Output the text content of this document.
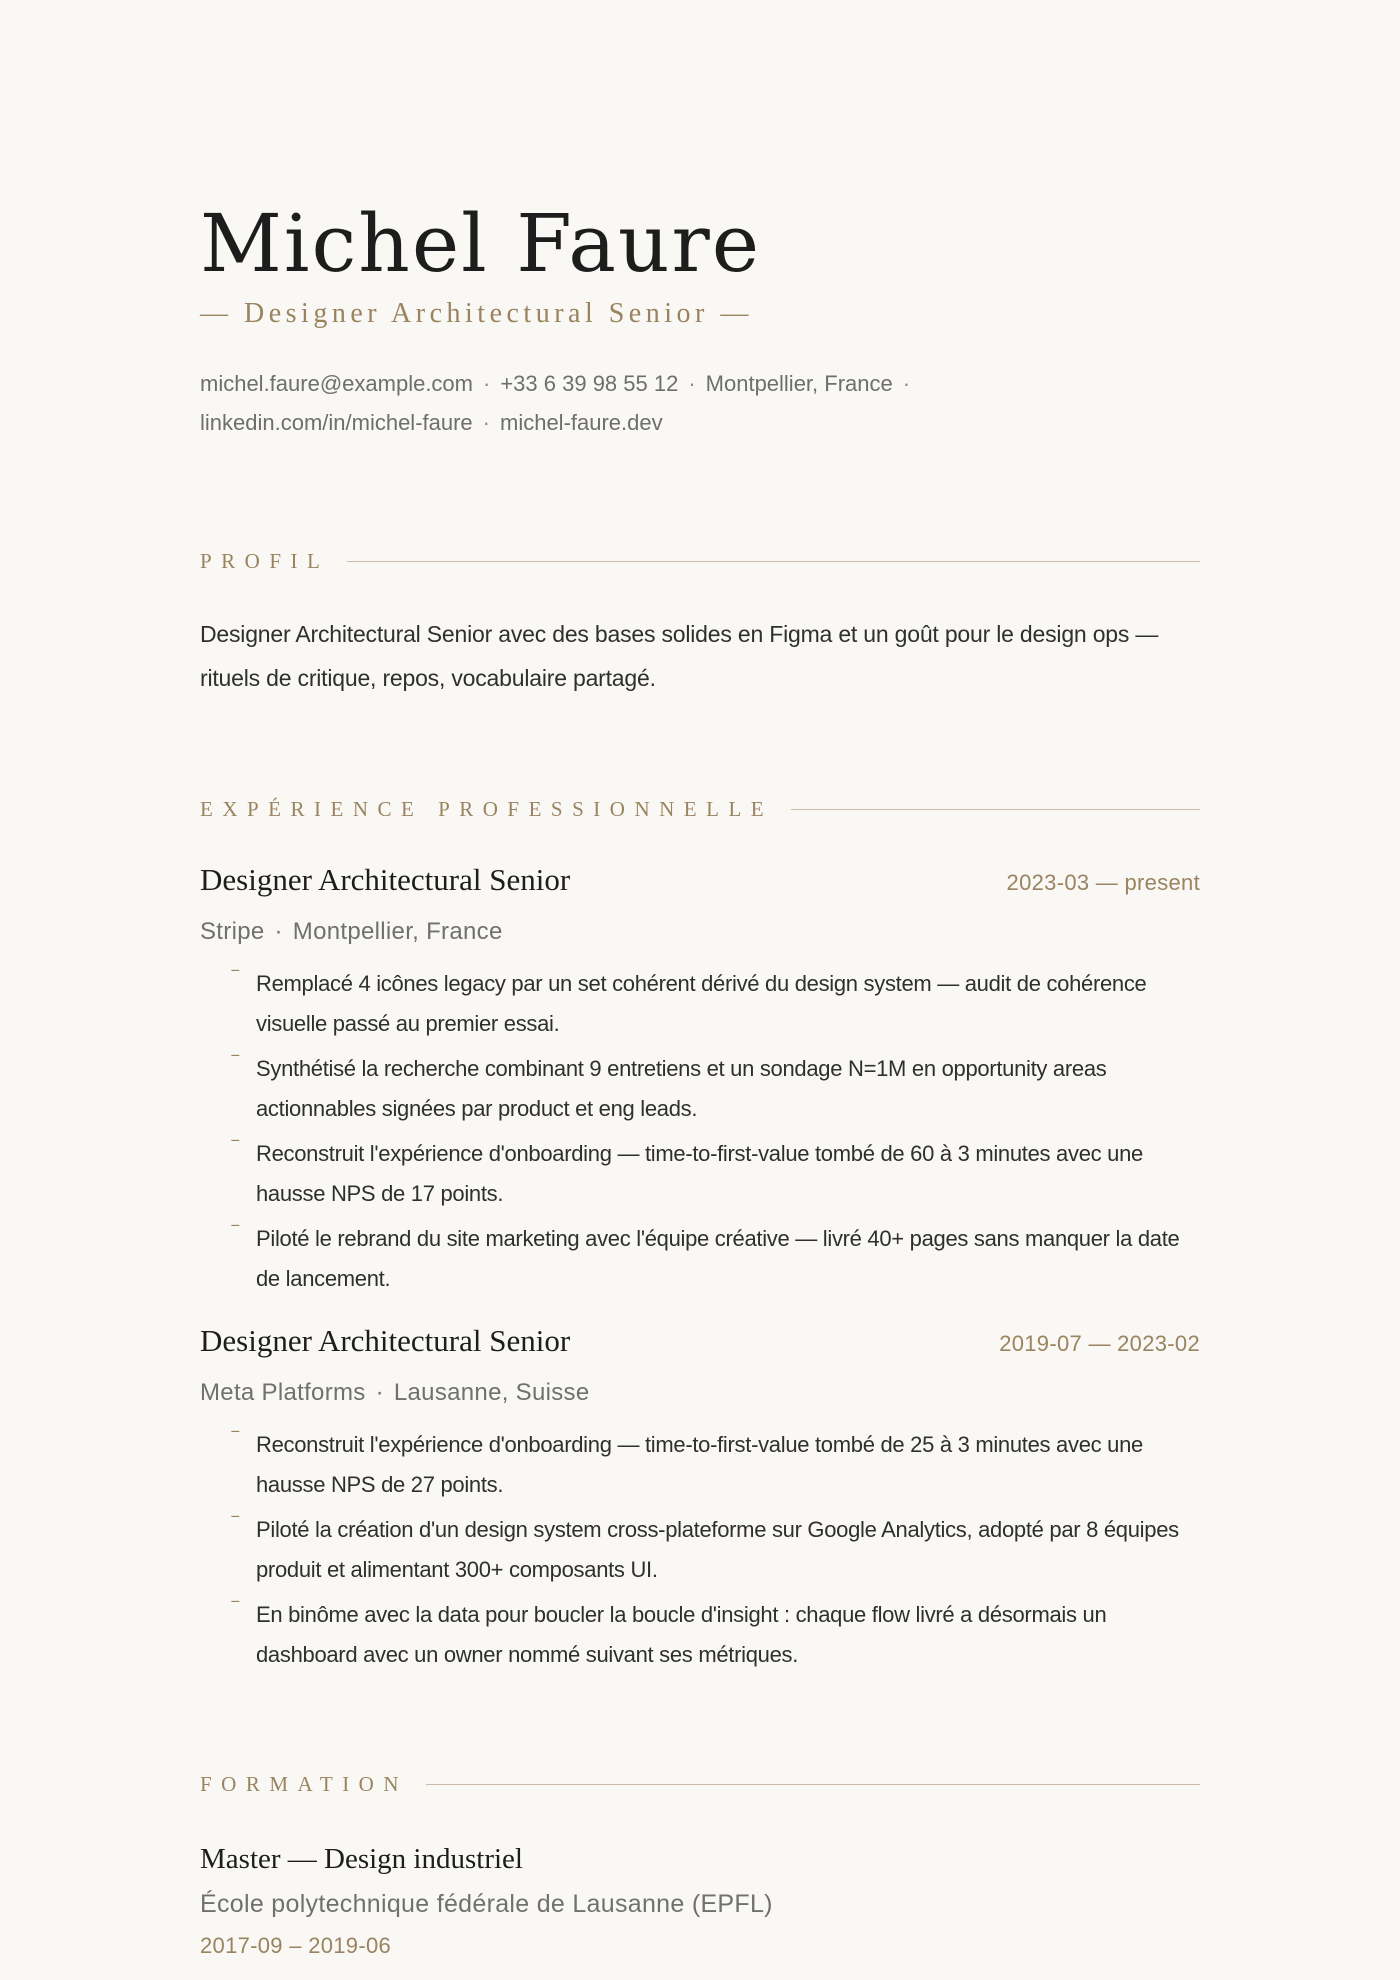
Michel Faure
— Designer Architectural Senior —
michel.faure@example.com · +33 6 39 98 55 12 · Montpellier, France ·
linkedin.com/in/michel-faure · michel-faure.dev
PROFIL
Designer Architectural Senior avec des bases solides en Figma et un goût pour le design ops — rituels de critique, repos, vocabulaire partagé.
EXPÉRIENCE PROFESSIONNELLE
Designer Architectural Senior	2023-03 — present
Stripe · Montpellier, France
‾ Remplacé 4 icônes legacy par un set cohérent dérivé du design system — audit de cohérence visuelle passé au premier essai.
‾ Synthétisé la recherche combinant 9 entretiens et un sondage N=1M en opportunity areas actionnables signées par product et eng leads.
‾ Reconstruit l'expérience d'onboarding — time-to-first-value tombé de 60 à 3 minutes avec une hausse NPS de 17 points.
‾ Piloté le rebrand du site marketing avec l'équipe créative — livré 40+ pages sans manquer la date de lancement.
Designer Architectural Senior	2019-07 — 2023-02
Meta Platforms · Lausanne, Suisse
‾ Reconstruit l'expérience d'onboarding — time-to-first-value tombé de 25 à 3 minutes avec une hausse NPS de 27 points.
‾ Piloté la création d'un design system cross-plateforme sur Google Analytics, adopté par 8 équipes produit et alimentant 300+ composants UI.
‾ En binôme avec la data pour boucler la boucle d'insight : chaque flow livré a désormais un dashboard avec un owner nommé suivant ses métriques.
FORMATION
Master — Design industriel
École polytechnique fédérale de Lausanne (EPFL)
2017-09 – 2019-06
